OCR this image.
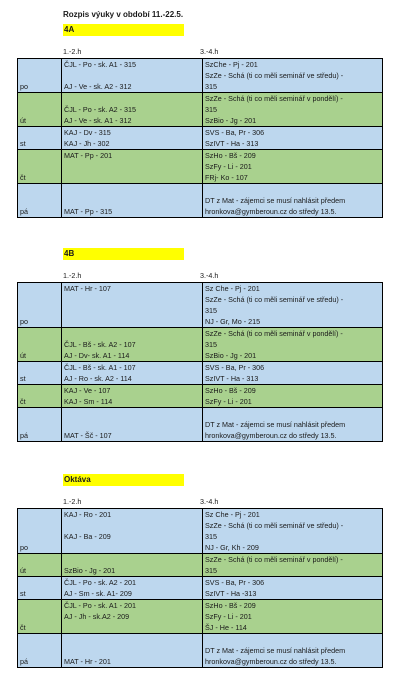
Rozpis výuky v období 11.-22.5.
4A
1.-2.h	3.-4.h
po	ČJL - Po - sk. A1 - 315
AJ - Ve - sk. A2 - 312	SzChe - Pj - 201
SzZe - Schá (ti co měli seminář ve středu) -
315

út	ČJL - Po - sk. A2 - 315
AJ - Ve - sk. A1 - 312	SzZe - Schá (ti co měli seminář v pondělí) -
315
SzBio - Jg - 201

st	KAJ - Dv - 315
KAJ - Jh - 302	SVS - Ba, Pr - 306
SzIVT - Ha - 313

čt	MAT - Pp - 201	SzHo - Bš - 209
SzFy - Li - 201
FRj- Ko - 107

pá	MAT - Pp - 315	DT z Mat - zájemci se musí nahlásit předem
hronkova@gymberoun.cz do středy 13.5.
4B
1.-2.h	3.-4.h
po	MAT - Hr - 107	Sz Che - Pj - 201
SzZe - Schá (ti co měli seminář ve středu) -
315
NJ - Gr, Mo - 215

út	ČJL - Bš - sk. A2 - 107
AJ - Dv- sk. A1 - 114	SzZe - Schá (ti co měli seminář v pondělí) -
315
SzBio - Jg - 201

st	ČJL - Bš - sk. A1 - 107
AJ - Ro - sk. A2 - 114	SVS - Ba, Pr - 306
SzIVT - Ha - 313

čt	KAJ - Ve - 107
KAJ - Sm - 114	SzHo - Bš - 209
SzFy - Li - 201

pá	MAT - Šč - 107	DT z Mat - zájemci se musí nahlásit předem
hronkova@gymberoun.cz do středy 13.5.
Oktáva
1.-2.h	3.-4.h
po	KAJ - Ro - 201
KAJ - Ba - 209	Sz Che - Pj - 201
SzZe - Schá (ti co měli seminář ve středu) -
315
NJ - Gr, Kh - 209

út	SzBio - Jg - 201	SzZe - Schá (ti co měli seminář v pondělí) -
315

st	ČJL - Po - sk. A2 - 201
AJ - Sm - sk. A1- 209	SVS - Ba, Pr - 306
SzIVT - Ha -313

čt	ČJL - Po - sk. A1 - 201
AJ - Jh - sk.A2 - 209	SzHo - Bš - 209
SzFy - Li - 201
ŠJ - He - 114

pá	MAT - Hr - 201	DT z Mat - zájemci se musí nahlásit předem
hronkova@gymberoun.cz do středy 13.5.
